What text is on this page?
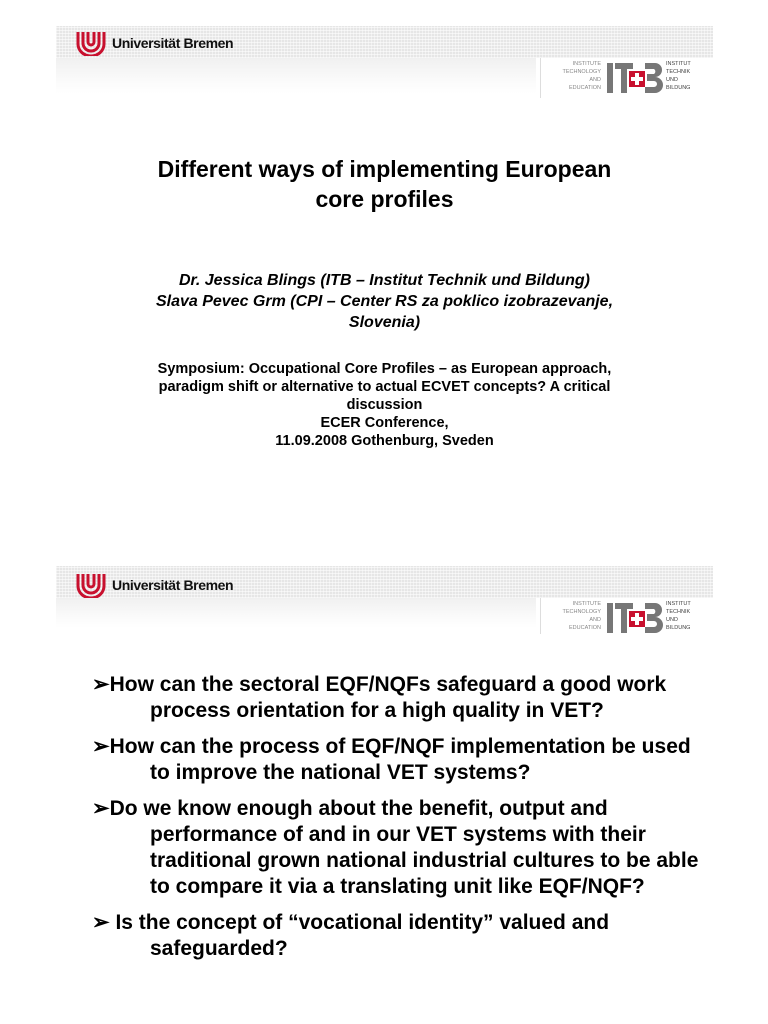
Universität Bremen
INSTITUTE
TECHNOLOGY
AND
EDUCATION
INSTITUT
TECHNIK
UND
BILDUNG
Different ways of implementing European
core profiles
Dr. Jessica Blings (ITB – Institut Technik und Bildung)
Slava Pevec Grm (CPI – Center RS za poklico izobrazevanje,
Slovenia)
Symposium: Occupational Core Profiles – as European approach,
paradigm shift or alternative to actual ECVET concepts? A critical
discussion
ECER Conference,
11.09.2008 Gothenburg, Sveden
Universität Bremen
INSTITUTE
TECHNOLOGY
AND
EDUCATION
INSTITUT
TECHNIK
UND
BILDUNG
➢How can the sectoral EQF/NQFs safeguard a good work process orientation for a high quality in VET?
➢How can the process of EQF/NQF implementation be used to improve the national VET systems?
➢Do we know enough about the benefit, output and performance of and in our VET systems with their traditional grown national industrial cultures to be able to compare it via a translating unit like EQF/NQF?
➢ Is the concept of “vocational identity” valued and safeguarded?
